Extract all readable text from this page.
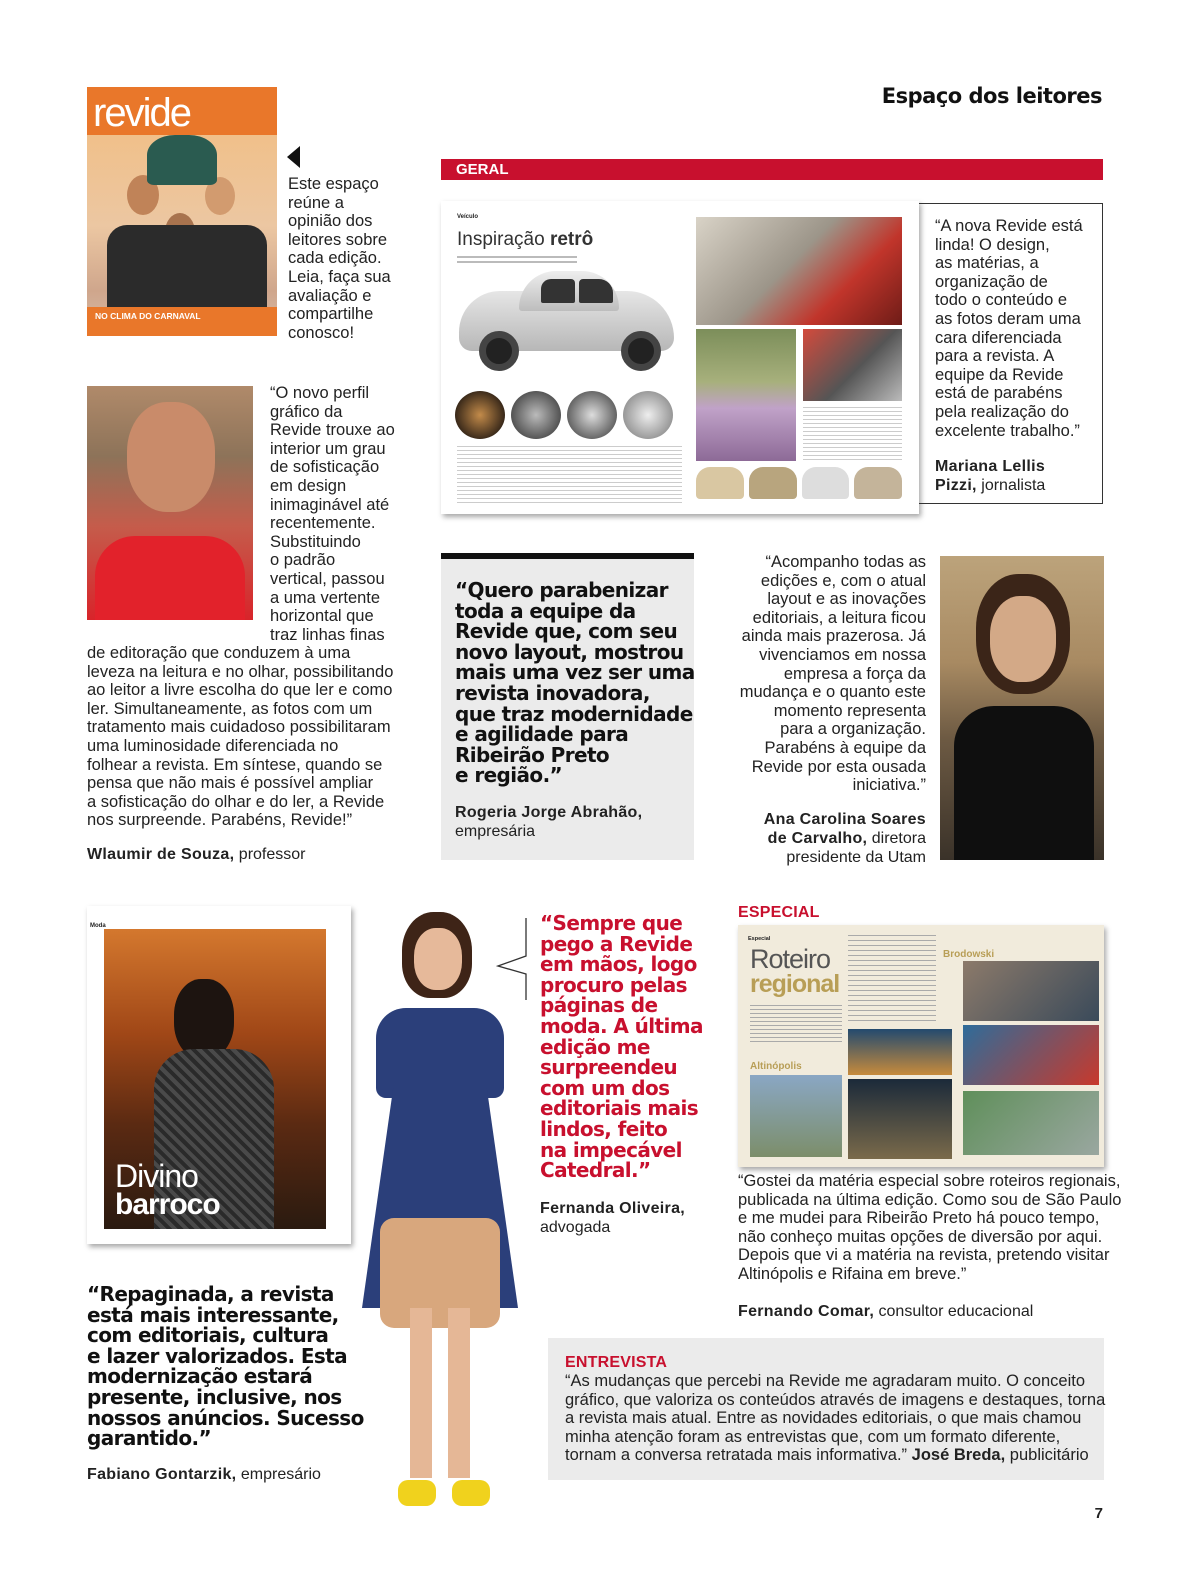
Espaço dos leitores
revide
NO CLIMA DO CARNAVAL
Este espaço
reúne a
opinião dos
leitores sobre
cada edição.
Leia, faça sua
avaliação e
compartilhe
conosco!
GERAL
Veículo
Inspiração retrô
“A nova Revide está
linda! O design,
as matérias, a
organização de
todo o conteúdo e
as fotos deram uma
cara diferenciada
para a revista. A
equipe da Revide
está de parabéns
pela realização do
excelente trabalho.”
Mariana Lellis
Pizzi, jornalista
“O novo perfil
gráfico da
Revide trouxe ao
interior um grau
de sofisticação
em design
inimaginável até
recentemente.
Substituindo
o padrão
vertical, passou
a uma vertente
horizontal que
traz linhas finas
de editoração que conduzem à uma
leveza na leitura e no olhar, possibilitando
ao leitor a livre escolha do que ler e como
ler. Simultaneamente, as fotos com um
tratamento mais cuidadoso possibilitaram
uma luminosidade diferenciada no
folhear a revista. Em síntese, quando se
pensa que não mais é possível ampliar
a sofisticação do olhar e do ler, a Revide
nos surpreende. Parabéns, Revide!”
Wlaumir de Souza, professor
“Quero parabenizar
toda a equipe da
Revide que, com seu
novo layout, mostrou
mais uma vez ser uma
revista inovadora,
que traz modernidade
e agilidade para
Ribeirão Preto
e região.”
Rogeria Jorge Abrahão,
empresária
“Acompanho todas as
edições e, com o atual
layout e as inovações
editoriais, a leitura ficou
ainda mais prazerosa. Já
vivenciamos em nossa
empresa a força da
mudança e o quanto este
momento representa
para a organização.
Parabéns à equipe da
Revide por esta ousada
iniciativa.”
Ana Carolina Soares
de Carvalho, diretora
presidente da Utam
Moda
Divino
barroco
“Sempre que
pego a Revide
em mãos, logo
procuro pelas
páginas de
moda. A última
edição me
surpreendeu
com um dos
editoriais mais
lindos, feito
na impecável
Catedral.”
Fernanda Oliveira,
advogada
ESPECIAL
Especial
Roteiro
regional
Altinópolis
Brodowski
“Gostei da matéria especial sobre roteiros regionais,
publicada na última edição. Como sou de São Paulo
e me mudei para Ribeirão Preto há pouco tempo,
não conheço muitas opções de diversão por aqui.
Depois que vi a matéria na revista, pretendo visitar
Altinópolis e Rifaina em breve.”
Fernando Comar, consultor educacional
“Repaginada, a revista
está mais interessante,
com editoriais, cultura
e lazer valorizados. Esta
modernização estará
presente, inclusive, nos
nossos anúncios. Sucesso
garantido.”
Fabiano Gontarzik, empresário
ENTREVISTA
“As mudanças que percebi na Revide me agradaram muito. O conceito
gráfico, que valoriza os conteúdos através de imagens e destaques, torna
a revista mais atual. Entre as novidades editoriais, o que mais chamou
minha atenção foram as entrevistas que, com um formato diferente,
tornam a conversa retratada mais informativa.” José Breda, publicitário
7
